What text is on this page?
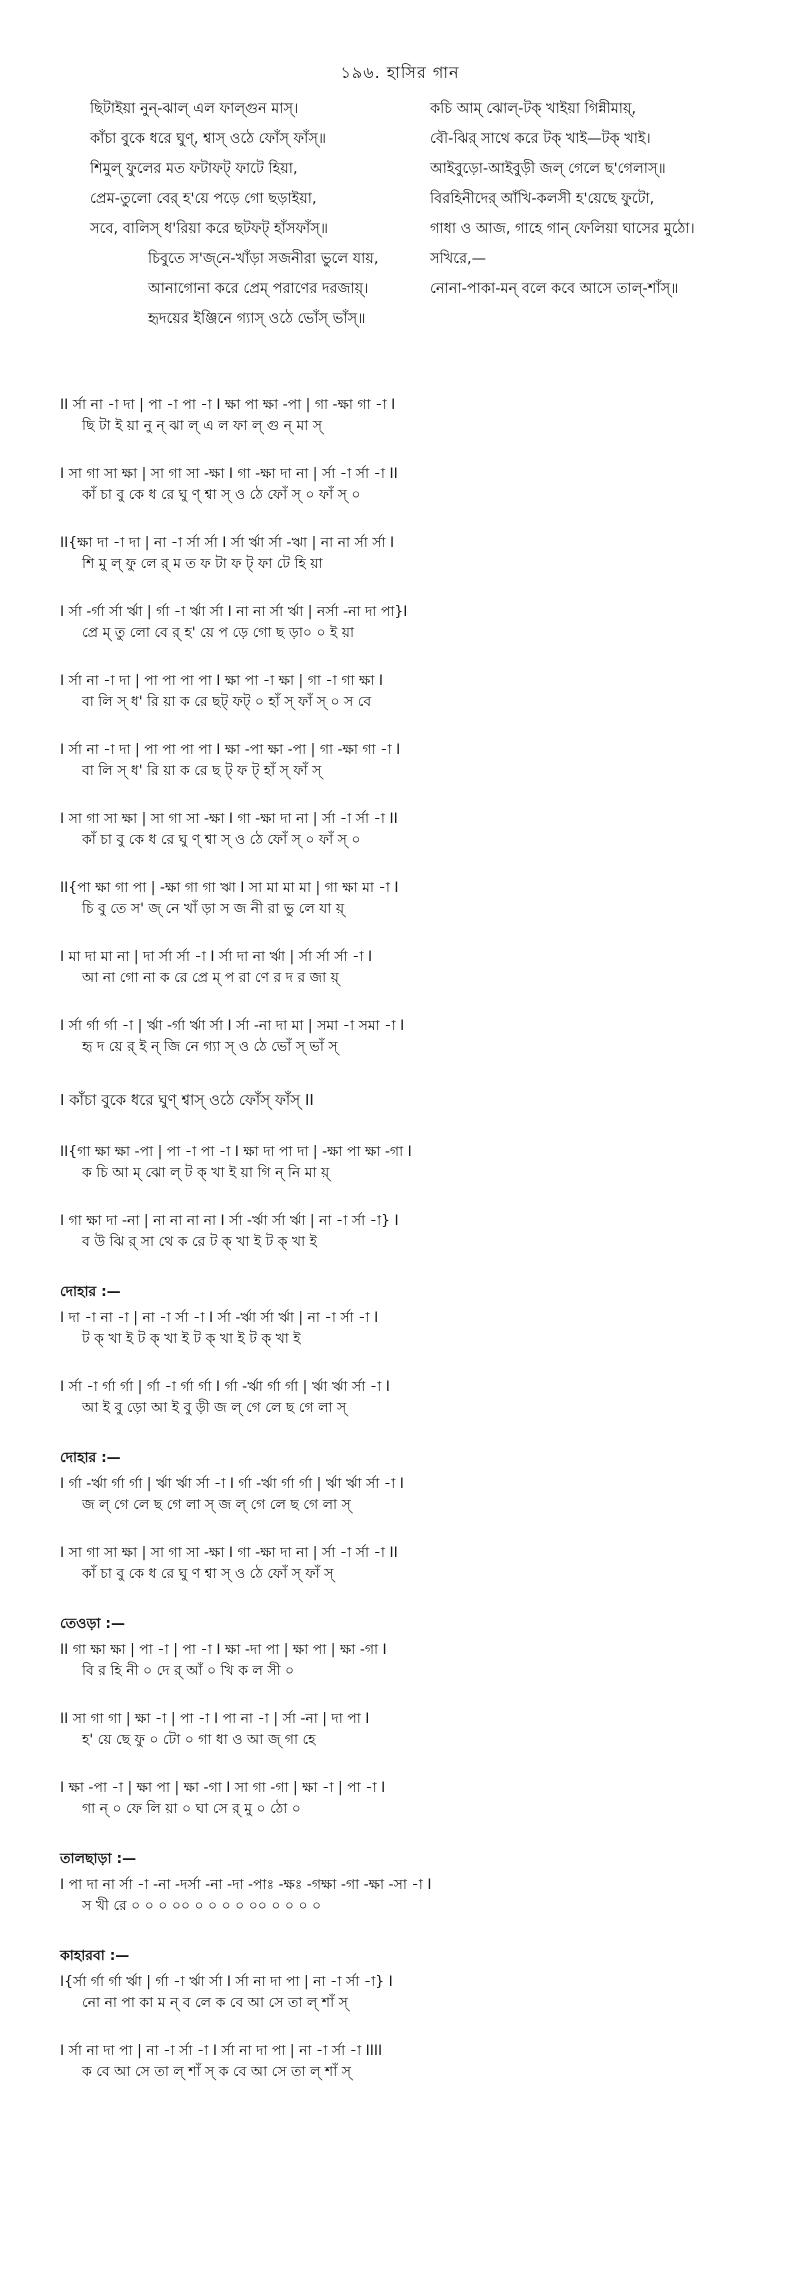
১৯৬. হাসির গান
ছিটাইয়া নুন্-ঝাল্ এল ফাল্গুন মাস্।	কচি আম্ ঝোল্-টক্ খাইয়া গিন্নীমায়্,
কাঁচা বুকে ধরে ঘুণ্, শ্বাস্ ওঠে ফোঁস্ ফাঁস্॥	বৌ-ঝির্ সাথে করে টক্ খাই—টক্ খাই।
শিমুল্ ফুলের মত ফটাফট্ ফাটে হিয়া,	আইবুড়ো-আইবুড়ী জল্ গেলে ছ'গেলাস্॥
প্রেম-তুলো বের্ হ'য়ে পড়ে গো ছড়াইয়া,	বিরহিনীদের্ আঁখি-কলসী হ'য়েছে ফুটো,
সবে, বালিস্ ধ'রিয়া করে ছটফট্ হাঁসফাঁস্॥	গাধা ও আজ, গাহে গান্ ফেলিয়া ঘাসের মুঠো।
চিবুতে স'জ্‌নে-খাঁড়া সজনীরা ভুলে যায়,	সখিরে,—
আনাগোনা করে প্রেম্ পরাণের দরজায়্।	নোনা-পাকা-মন্ বলে কবে আসে তাল্-শাঁস্॥
হৃদয়ের ইঞ্জিনে গ্যাস্ ওঠে ভোঁস্ ভাঁস্॥
II র্সা না -া দা | পা -া পা -া I ক্ষা পা ক্ষা -পা | গা -ক্ষা গা -া I
ছি টা ই য়া নু ন্ ঝা ল্ এ ল ফা ল্ গু ন্ মা স্
I সা গা সা ক্ষা | সা গা সা -ক্ষা I গা -ক্ষা দা না | র্সা -া র্সা -া II
কাঁ চা বু কে ধ রে ঘু ণ্ শ্বা স্ ও ঠে ফোঁ স্ ০ ফাঁ স্ ০
II{ক্ষা দা -া দা | না -া র্সা র্সা I র্সা র্ঋা র্সা -ঋা | না না র্সা র্সা I
শি মু ল্ ফু লে র্ ম ত ফ টা ফ ট্ ফা টে হি য়া
I র্সা -র্গা র্সা র্ঋা | র্গা -া র্ঋা র্সা I না না র্সা র্ঋা | নর্সা -না দা পা}I
প্রে ম্ তু লো বে র্ হ' য়ে প ড়ে গো ছ ড়া০ ০ ই য়া
I র্সা না -া দা | পা পা পা পা I ক্ষা পা -া ক্ষা | গা -া গা ক্ষা I
বা লি স্ ধ' রি য়া ক রে ছট্ ফট্ ০ হাঁ স্ ফাঁ স্ ০ স বে
I র্সা না -া দা | পা পা পা পা I ক্ষা -পা ক্ষা -পা | গা -ক্ষা গা -া I
বা লি স্ ধ' রি য়া ক রে ছ ট্ ফ ট্ হাঁ স্ ফাঁ স্
I সা গা সা ক্ষা | সা গা সা -ক্ষা I গা -ক্ষা দা না | র্সা -া র্সা -া II
কাঁ চা বু কে ধ রে ঘু ণ্ শ্বা স্ ও ঠে ফোঁ স্ ০ ফাঁ স্ ০
II{পা ক্ষা গা পা | -ক্ষা গা গা ঋা I সা মা মা মা | গা ক্ষা মা -া I
চি বু তে স' জ্ নে খাঁ ড়া স জ নী রা ভু লে যা য়্
I মা দা মা না | দা র্সা র্সা -া I র্সা দা না র্ঋা | র্সা র্সা র্সা -া I
আ না গো না ক রে প্রে ম্ প রা ণে র দ র জা য়্
I র্সা র্গা র্গা -া | র্ঋা -র্গা র্ঋা র্সা I র্সা -না দা মা | সমা -া সমা -া I
হৃ দ য়ে র্ ই ন্ জি নে গ্যা স্ ও ঠে ভোঁ স্ ভাঁ স্
I কাঁচা বুকে ধরে ঘুণ্ শ্বাস্ ওঠে ফোঁস্ ফাঁস্ II
II{গা ক্ষা ক্ষা -পা | পা -া পা -া I ক্ষা দা পা দা | -ক্ষা পা ক্ষা -গা I
ক চি আ ম্ ঝো ল্ ট ক্ খা ই য়া গি ন্ নি মা য়্
I গা ক্ষা দা -না | না না না না I র্সা -র্ঋা র্সা র্ঋা | না -া র্সা -া} I
ব উ ঝি র্ সা থে ক রে ট ক্ খা ই ট ক্ খা ই
দোহার :—
I দা -া না -া | না -া র্সা -া I র্সা -র্ঋা র্সা র্ঋা | না -া র্সা -া I
ট ক্ খা ই ট ক্ খা ই ট ক্ খা ই ট ক্ খা ই
I র্সা -া র্গা র্গা | র্গা -া র্গা র্গা I র্গা -র্ঋা র্গা র্গা | র্ঋা র্ঋা র্সা -া I
আ ই বু ড়ো আ ই বু ড়ী জ ল্ গে লে ছ গে লা স্
দোহার :—
I র্গা -র্ঋা র্গা র্গা | র্ঋা র্ঋা র্সা -া I র্গা -র্ঋা র্গা র্গা | র্ঋা র্ঋা র্সা -া I
জ ল্ গে লে ছ গে লা স্ জ ল্ গে লে ছ গে লা স্
I সা গা সা ক্ষা | সা গা সা -ক্ষা I গা -ক্ষা দা না | র্সা -া র্সা -া II
কাঁ চা বু কে ধ রে ঘু ণ শ্বা স্ ও ঠে ফোঁ স্ ফাঁ স্
তেওড়া :—
II গা ক্ষা ক্ষা | পা -া | পা -া I ক্ষা -দা পা | ক্ষা পা | ক্ষা -গা I
বি র হি নী ০ দে র্ আঁ ০ খি ক ল সী ০
II সা গা গা | ক্ষা -া | পা -া I পা না -া | র্সা -না | দা পা I
হ' য়ে ছে ফু ০ টো ০ গা ধা ও আ জ্ গা হে
I ক্ষা -পা -া | ক্ষা পা | ক্ষা -গা I সা গা -গা | ক্ষা -া | পা -া I
গা ন্ ০ ফে লি য়া ০ ঘা সে র্ মু ০ ঠো ০
তালছাড়া :—
I পা দা না র্সা -া -না -দর্সা -না -দা -পাঃ -ক্ষঃ -গক্ষা -গা -ক্ষা -সা -া I
স খী রে ০ ০ ০ ০০ ০ ০ ০ ০ ০০ ০ ০ ০ ০
কাহারবা :—
I{র্সা র্গা র্গা র্ঋা | র্গা -া র্ঋা র্সা I র্সা না দা পা | না -া র্সা -া} I
নো না পা কা ম ন্ ব লে ক বে আ সে তা ল্ শাঁ স্
I র্সা না দা পা | না -া র্সা -া I র্সা না দা পা | না -া র্সা -া IIII
ক বে আ সে তা ল্ শাঁ স্ ক বে আ সে তা ল্ শাঁ স্
